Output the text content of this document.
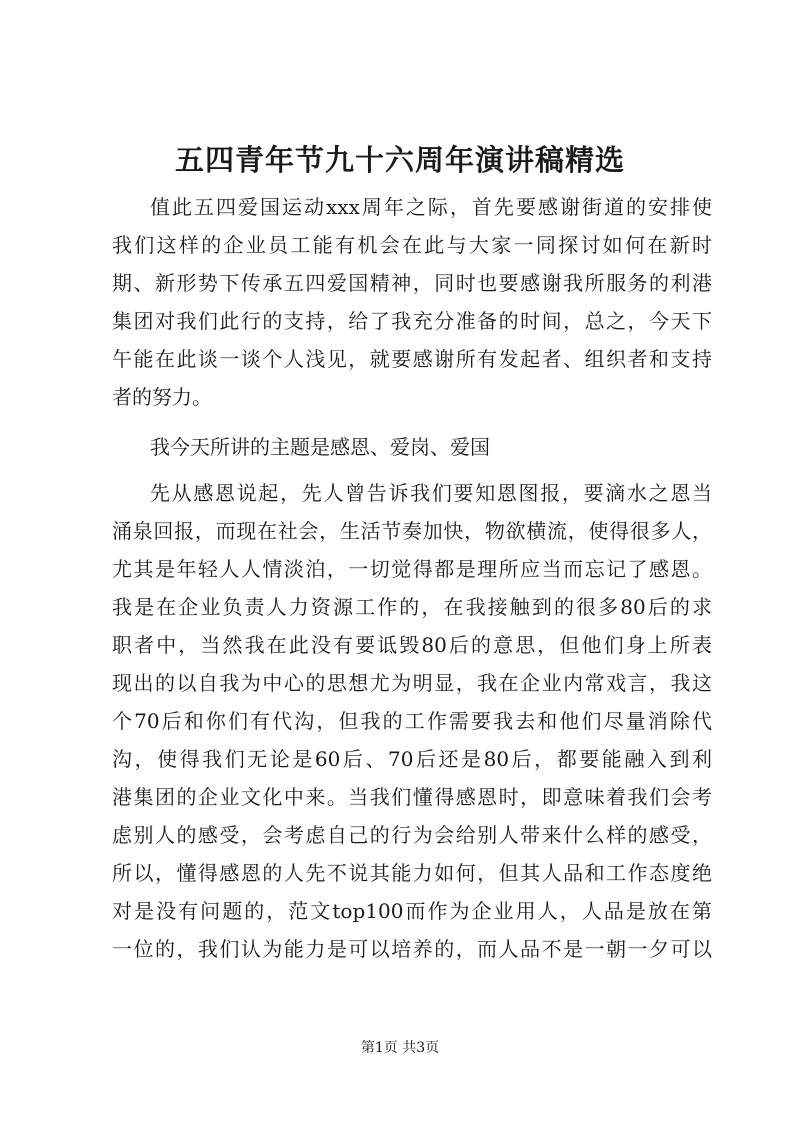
五四青年节九十六周年演讲稿精选
值此五四爱国运动xxx周年之际，首先要感谢街道的安排使
我们这样的企业员工能有机会在此与大家一同探讨如何在新时
期、新形势下传承五四爱国精神，同时也要感谢我所服务的利港
集团对我们此行的支持，给了我充分准备的时间，总之，今天下
午能在此谈一谈个人浅见，就要感谢所有发起者、组织者和支持
者的努力。
我今天所讲的主题是感恩、爱岗、爱国
先从感恩说起，先人曾告诉我们要知恩图报，要滴水之恩当
涌泉回报，而现在社会，生活节奏加快，物欲横流，使得很多人，
尤其是年轻人人情淡泊，一切觉得都是理所应当而忘记了感恩。
我是在企业负责人力资源工作的，在我接触到的很多80后的求
职者中，当然我在此没有要诋毁80后的意思，但他们身上所表
现出的以自我为中心的思想尤为明显，我在企业内常戏言，我这
个70后和你们有代沟，但我的工作需要我去和他们尽量消除代
沟，使得我们无论是60后、70后还是80后，都要能融入到利
港集团的企业文化中来。当我们懂得感恩时，即意味着我们会考
虑别人的感受，会考虑自己的行为会给别人带来什么样的感受，
所以，懂得感恩的人先不说其能力如何，但其人品和工作态度绝
对是没有问题的，范文top100而作为企业用人，人品是放在第
一位的，我们认为能力是可以培养的，而人品不是一朝一夕可以
第1页 共3页
